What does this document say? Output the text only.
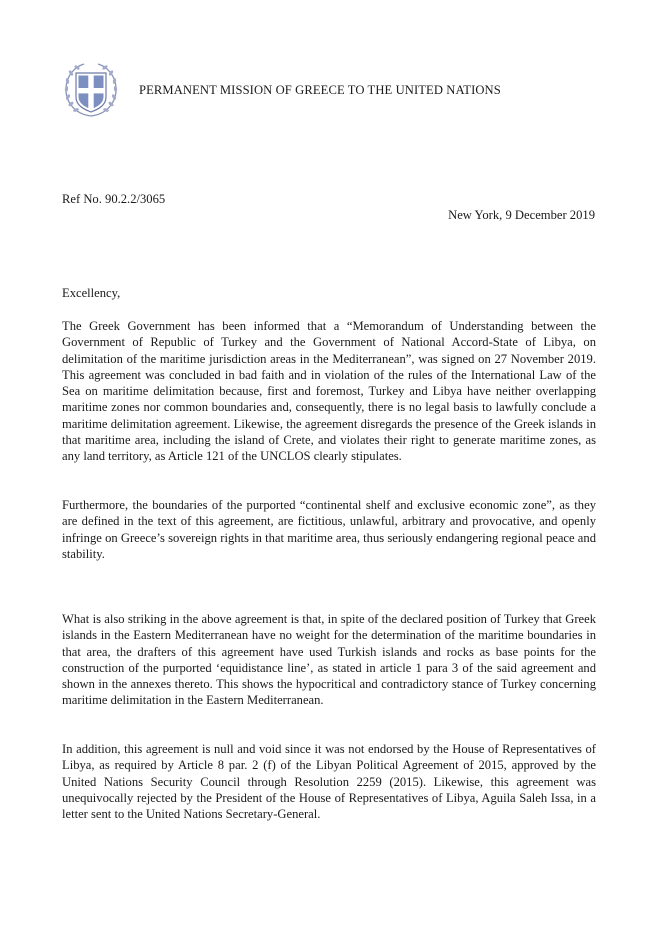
PERMANENT MISSION OF GREECE TO THE UNITED NATIONS
Ref No. 90.2.2/3065
New York, 9 December 2019
Excellency,

The Greek Government has been informed that a “Memorandum of Understanding between the Government of Republic of Turkey and the Government of National Accord-State of Libya, on delimitation of the maritime jurisdiction areas in the Mediterranean”, was signed on 27 November 2019. This agreement was concluded in bad faith and in violation of the rules of the International Law of the Sea on maritime delimitation because, first and foremost, Turkey and Libya have neither overlapping maritime zones nor common boundaries and, consequently, there is no legal basis to lawfully conclude a maritime delimitation agreement. Likewise, the agreement disregards the presence of the Greek islands in that maritime area, including the island of Crete, and violates their right to generate maritime zones, as any land territory, as Article 121 of the UNCLOS clearly stipulates.

Furthermore, the boundaries of the purported “continental shelf and exclusive economic zone”, as they are defined in the text of this agreement, are fictitious, unlawful, arbitrary and provocative, and openly infringe on Greece’s sovereign rights in that maritime area, thus seriously endangering regional peace and stability.

What is also striking in the above agreement is that, in spite of the declared position of Turkey that Greek islands in the Eastern Mediterranean have no weight for the determination of the maritime boundaries in that area, the drafters of this agreement have used Turkish islands and rocks as base points for the construction of the purported ‘equidistance line’, as stated in article 1 para 3 of the said agreement and shown in the annexes thereto. This shows the hypocritical and contradictory stance of Turkey concerning maritime delimitation in the Eastern Mediterranean.

In addition, this agreement is null and void since it was not endorsed by the House of Representatives of Libya, as required by Article 8 par. 2 (f) of the Libyan Political Agreement of 2015, approved by the United Nations Security Council through Resolution 2259 (2015). Likewise, this agreement was unequivocally rejected by the President of the House of Representatives of Libya, Aguila Saleh Issa, in a letter sent to the United Nations Secretary-General.
